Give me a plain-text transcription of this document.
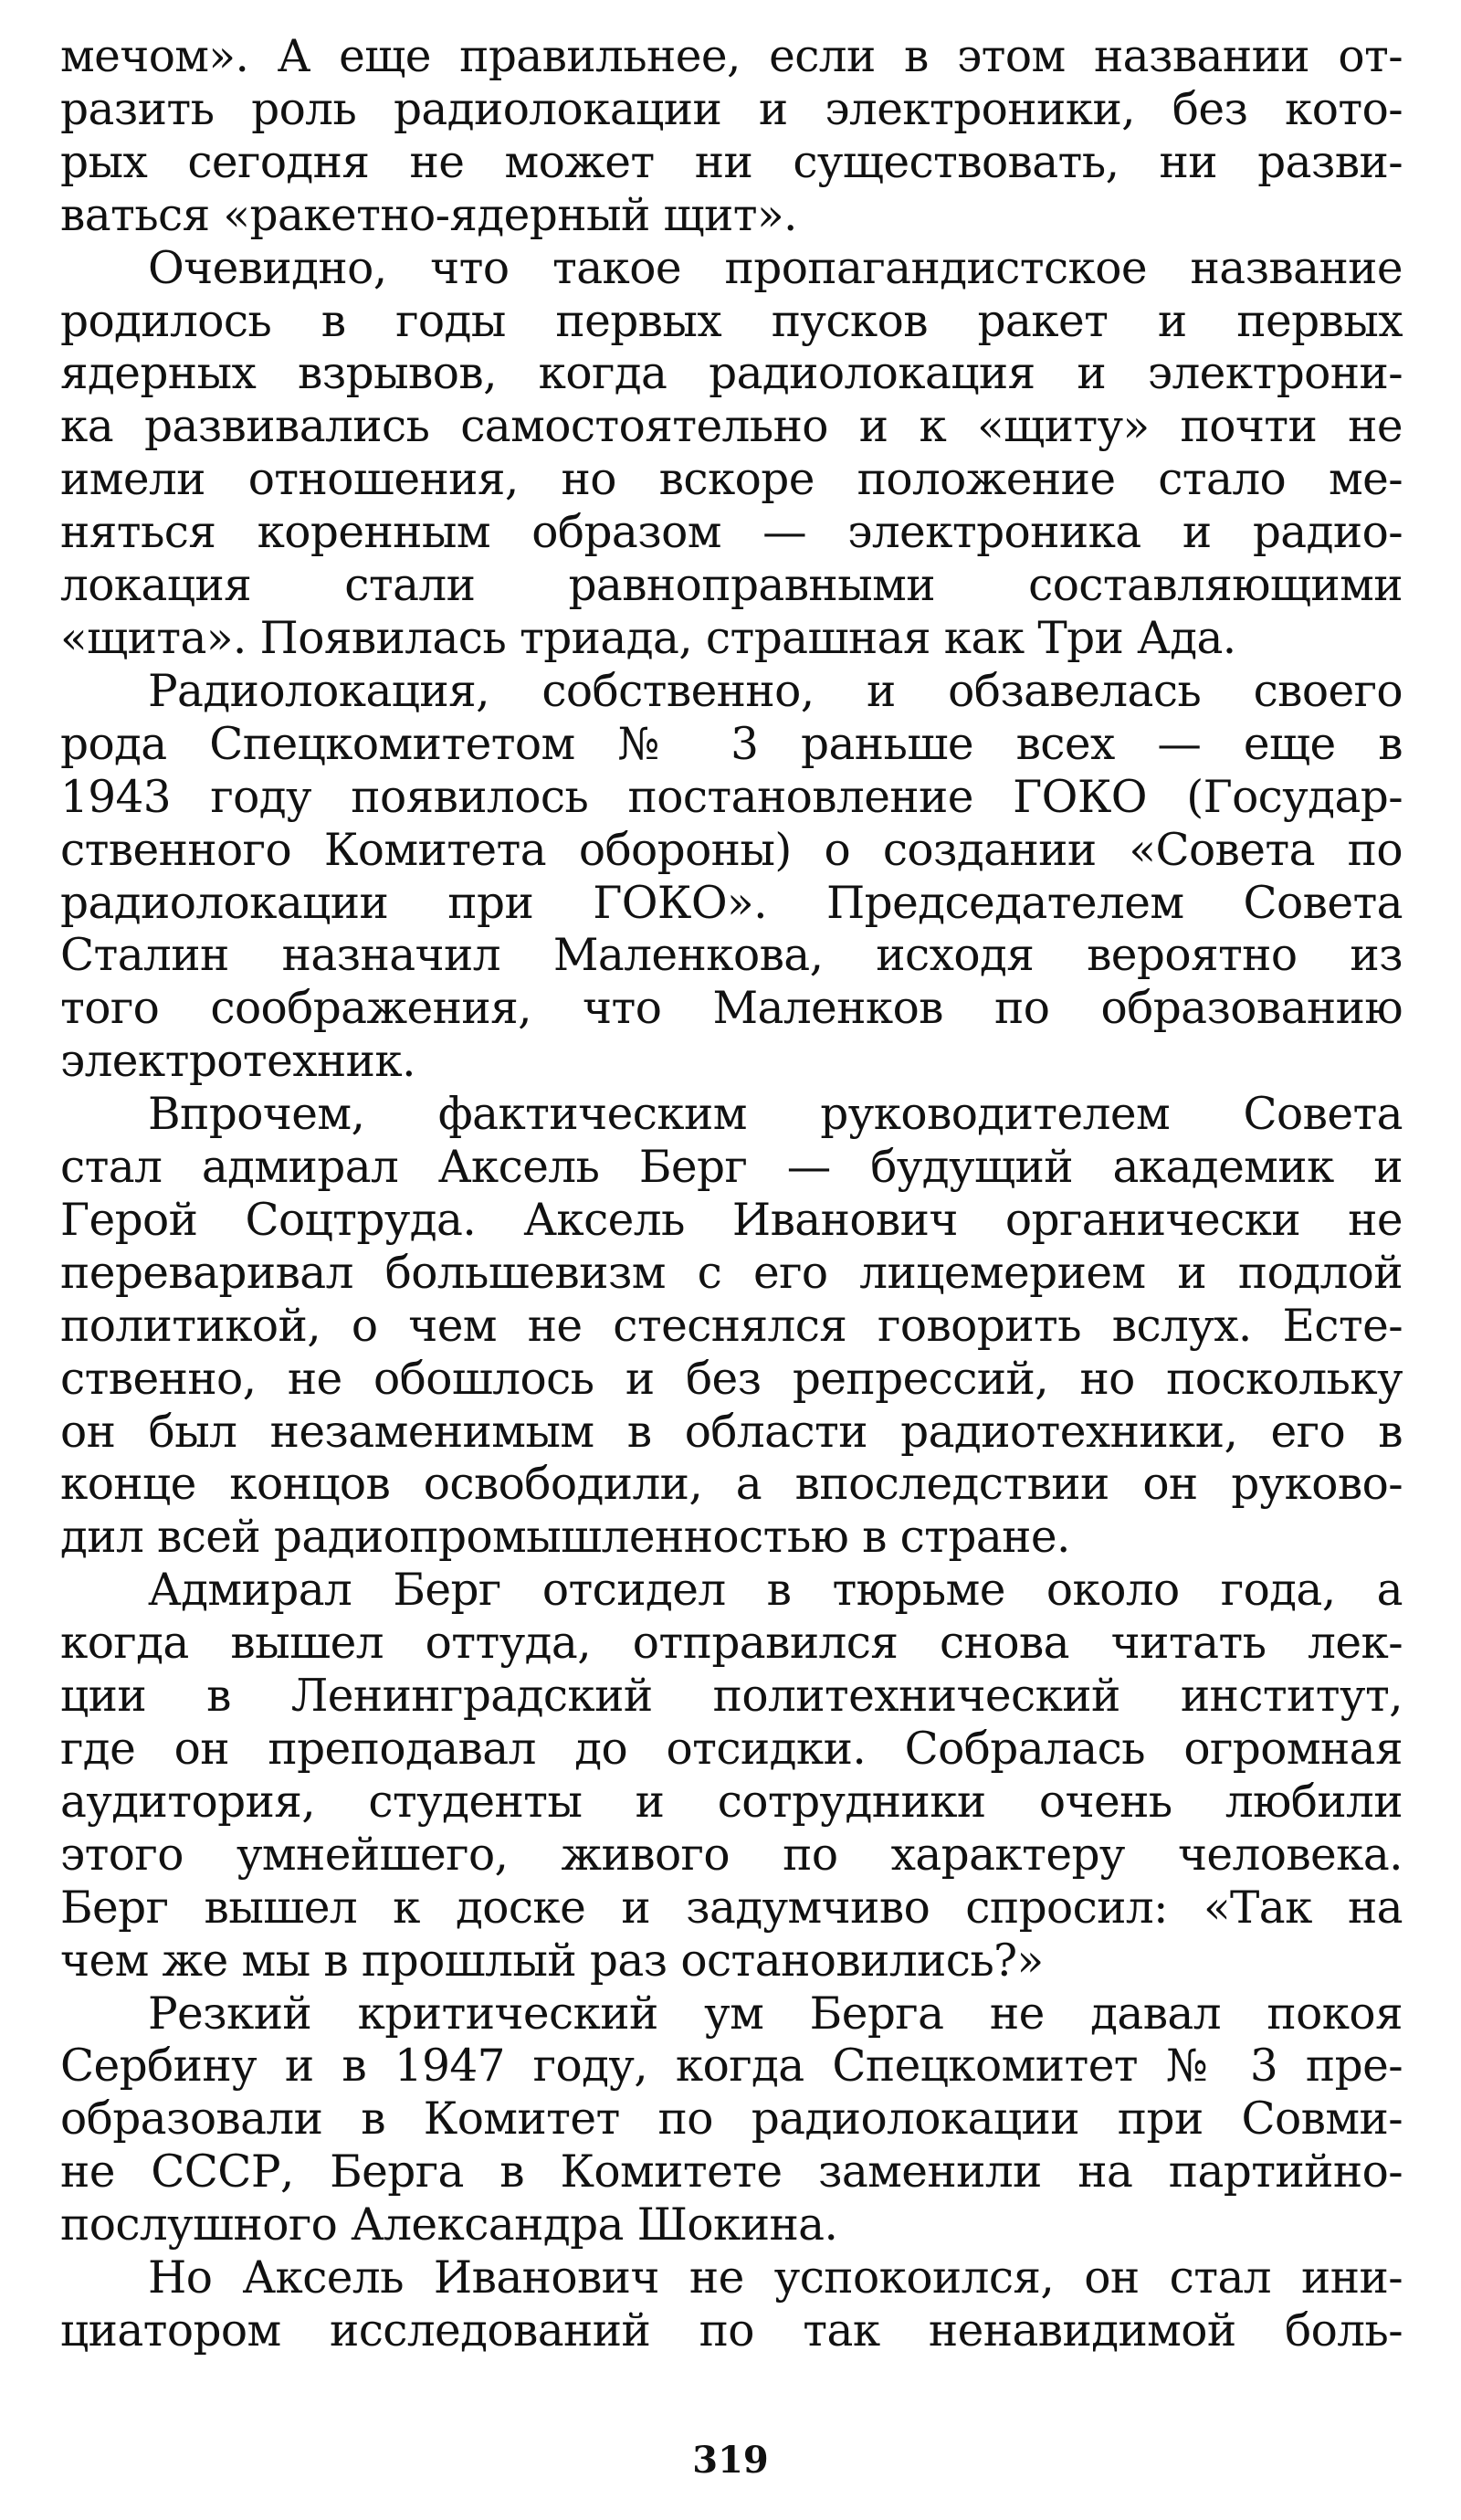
мечом». А еще правильнее, если в этом названии от-

разить роль радиолокации и электроники, без кото-

рых сегодня не может ни существовать, ни разви-

ваться «ракетно-ядерный щит».

Очевидно, что такое пропагандистское название

родилось в годы первых пусков ракет и первых

ядерных взрывов, когда радиолокация и электрони-

ка развивались самостоятельно и к «щиту» почти не

имели отношения, но вскоре положение стало ме-

няться коренным образом — электроника и радио-

локация стали равноправными составляющими

«щита». Появилась триада, страшная как Три Ада.

Радиолокация, собственно, и обзавелась своего

рода Спецкомитетом № 3 раньше всех — еще в

1943 году появилось постановление ГОКО (Государ-

ственного Комитета обороны) о создании «Совета по

радиолокации при ГОКО». Председателем Совета

Сталин назначил Маленкова, исходя вероятно из

того соображения, что Маленков по образованию

электротехник.

Впрочем, фактическим руководителем Совета

стал адмирал Аксель Берг — будущий академик и

Герой Соцтруда. Аксель Иванович органически не

переваривал большевизм с его лицемерием и подлой

политикой, о чем не стеснялся говорить вслух. Есте-

ственно, не обошлось и без репрессий, но поскольку

он был незаменимым в области радиотехники, его в

конце концов освободили, а впоследствии он руково-

дил всей радиопромышленностью в стране.

Адмирал Берг отсидел в тюрьме около года, а

когда вышел оттуда, отправился снова читать лек-

ции в Ленинградский политехнический институт,

где он преподавал до отсидки. Собралась огромная

аудитория, студенты и сотрудники очень любили

этого умнейшего, живого по характеру человека.

Берг вышел к доске и задумчиво спросил: «Так на

чем же мы в прошлый раз остановились?»

Резкий критический ум Берга не давал покоя

Сербину и в 1947 году, когда Спецкомитет № 3 пре-

образовали в Комитет по радиолокации при Совми-

не СССР, Берга в Комитете заменили на партийно-

послушного Александра Шокина.

Но Аксель Иванович не успокоился, он стал ини-

циатором исследований по так ненавидимой боль-

319
